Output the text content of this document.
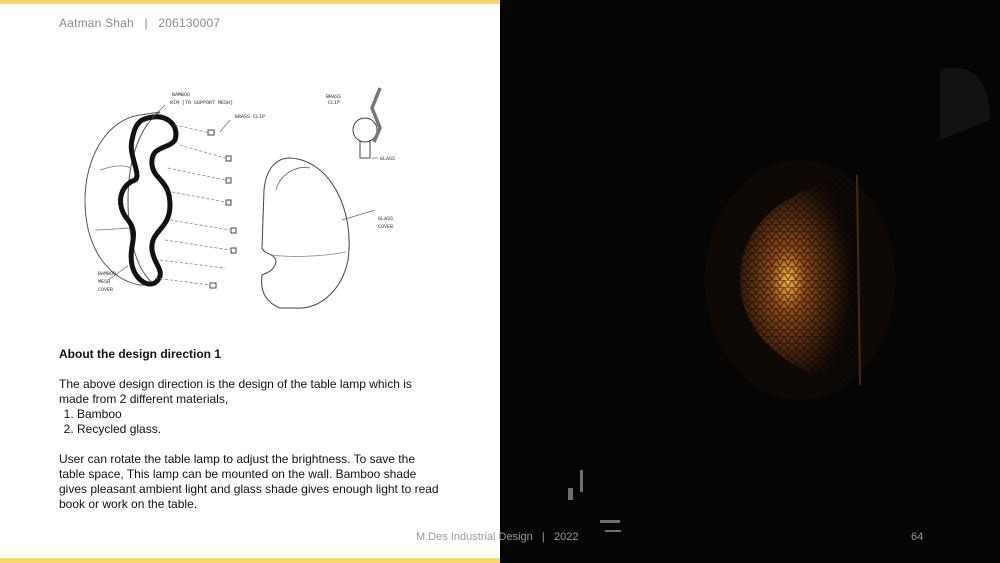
Aatman Shah   |   206130007
BAMBOO
RIM (TO SUPPORT MESH)
BRASS CLIP
BRASS
CLIP
GLASS
GLASS
COVER
BAMBOO
MESH
COVER
About the design direction 1

The above design direction is the design of the table lamp which is made from 2 different materials,

1. Bamboo
2. Recycled glass.

User can rotate the table lamp to adjust the brightness. To save the table space, This lamp can be mounted on the wall. Bamboo shade gives pleasant ambient light and glass shade gives enough light to read book or work on the table.

M.Des Industrial Design   |   2022	64
